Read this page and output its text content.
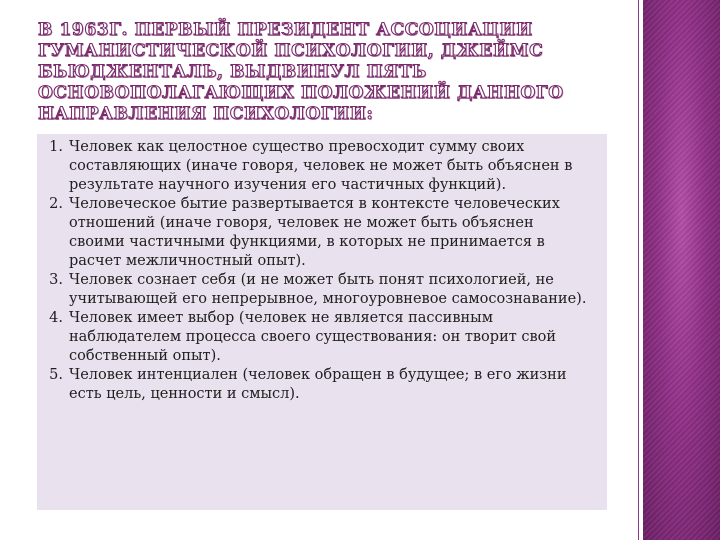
В 1963Г. ПЕРВЫЙ ПРЕЗИДЕНТ АССОЦИАЦИИ ГУМАНИСТИЧЕСКОЙ ПСИХОЛОГИИ, ДЖЕЙМС БЬЮДЖЕНТАЛЬ, ВЫДВИНУЛ ПЯТЬ ОСНОВОПОЛАГАЮЩИХ ПОЛОЖЕНИЙ ДАННОГО НАПРАВЛЕНИЯ ПСИХОЛОГИИ:
1. Человек как целостное существо превосходит сумму своих составляющих (иначе говоря, человек не может быть объяснен в результате научного изучения его частичных функций).
2. Человеческое бытие развертывается в контексте человеческих отношений (иначе говоря, человек не может быть объяснен своими частичными функциями, в которых не принимается в расчет межличностный опыт).
3. Человек сознает себя (и не может быть понят психологией, не учитывающей его непрерывное, многоуровневое самосознавание).
4. Человек имеет выбор (человек не является пассивным наблюдателем процесса своего существования: он творит свой собственный опыт).
5. Человек интенциален (человек обращен в будущее; в его жизни есть цель, ценности и смысл).
